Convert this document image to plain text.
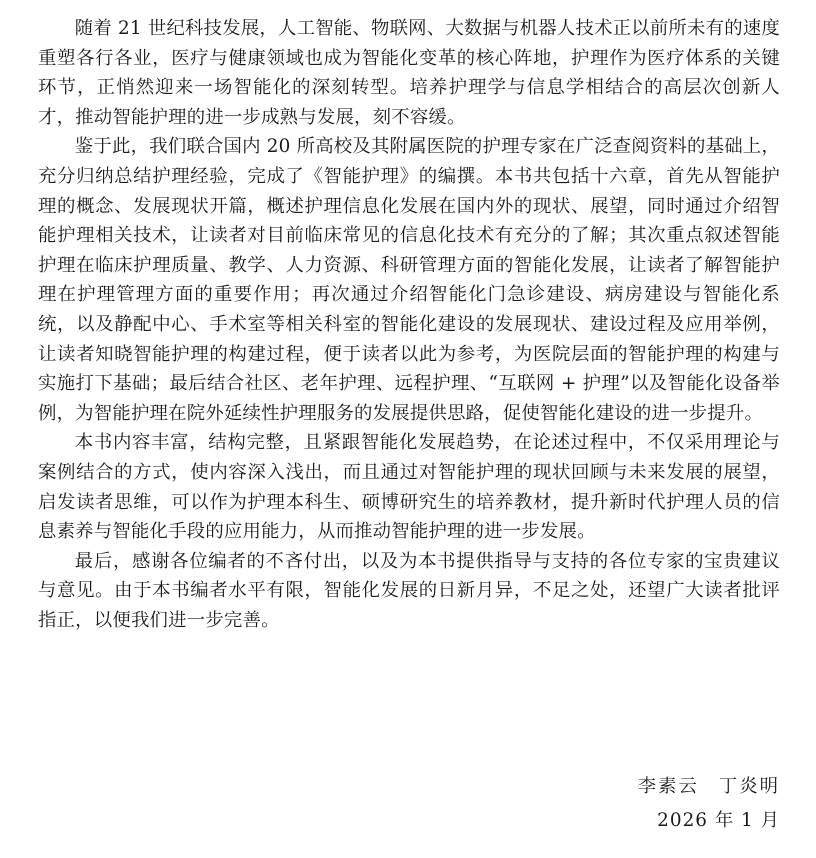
随着 21 世纪科技发展，人工智能、物联网、大数据与机器人技术正以前所未有的速度重塑各行各业，医疗与健康领域也成为智能化变革的核心阵地，护理作为医疗体系的关键环节，正悄然迎来一场智能化的深刻转型。培养护理学与信息学相结合的高层次创新人才，推动智能护理的进一步成熟与发展，刻不容缓。

鉴于此，我们联合国内 20 所高校及其附属医院的护理专家在广泛查阅资料的基础上，充分归纳总结护理经验，完成了《智能护理》的编撰。本书共包括十六章，首先从智能护理的概念、发展现状开篇，概述护理信息化发展在国内外的现状、展望，同时通过介绍智能护理相关技术，让读者对目前临床常见的信息化技术有充分的了解；其次重点叙述智能护理在临床护理质量、教学、人力资源、科研管理方面的智能化发展，让读者了解智能护理在护理管理方面的重要作用；再次通过介绍智能化门急诊建设、病房建设与智能化系统，以及静配中心、手术室等相关科室的智能化建设的发展现状、建设过程及应用举例，让读者知晓智能护理的构建过程，便于读者以此为参考，为医院层面的智能护理的构建与实施打下基础；最后结合社区、老年护理、远程护理、“互联网 + 护理”以及智能化设备举例，为智能护理在院外延续性护理服务的发展提供思路，促使智能化建设的进一步提升。

本书内容丰富，结构完整，且紧跟智能化发展趋势，在论述过程中，不仅采用理论与案例结合的方式，使内容深入浅出，而且通过对智能护理的现状回顾与未来发展的展望，启发读者思维，可以作为护理本科生、硕博研究生的培养教材，提升新时代护理人员的信息素养与智能化手段的应用能力，从而推动智能护理的进一步发展。

最后，感谢各位编者的不吝付出，以及为本书提供指导与支持的各位专家的宝贵建议与意见。由于本书编者水平有限，智能化发展的日新月异，不足之处，还望广大读者批评指正，以便我们进一步完善。

李素云 丁炎明

2026 年 1 月
